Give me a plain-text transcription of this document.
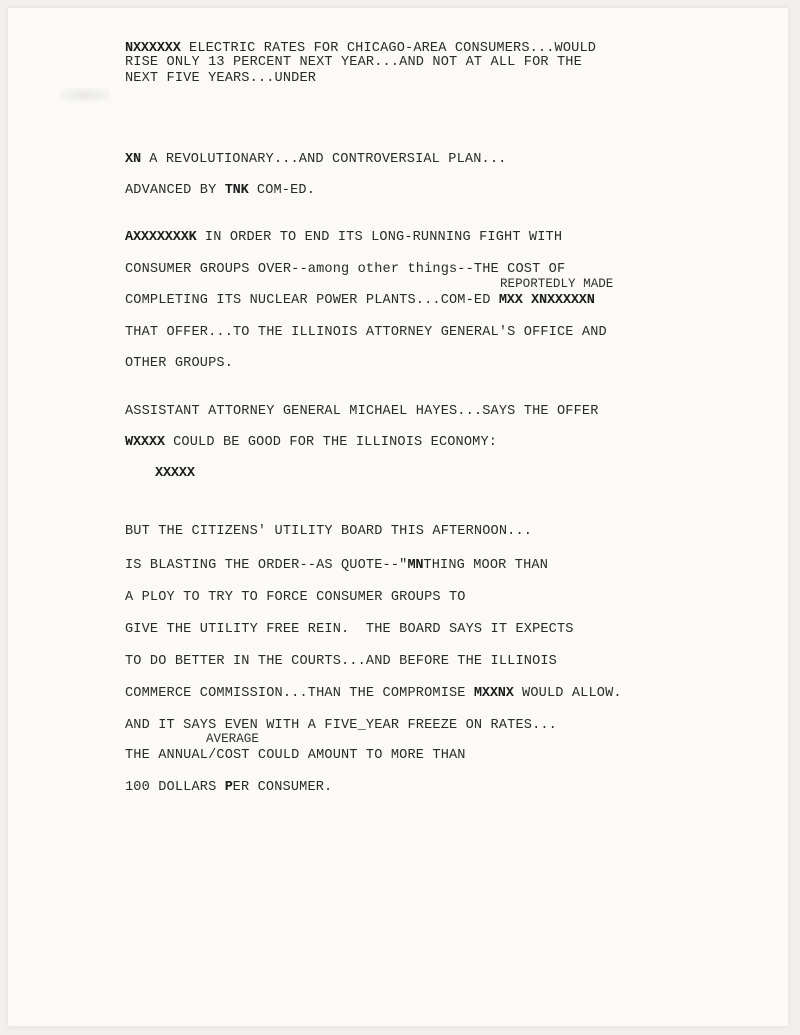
NXXXXXX ELECTRIC RATES FOR CHICAGO-AREA CONSUMERS...WOULD
RISE ONLY 13 PERCENT NEXT YEAR...AND NOT AT ALL FOR THE
NEXT FIVE YEARS...UNDER
XN A REVOLUTIONARY...AND CONTROVERSIAL PLAN...
ADVANCED BY TNK COM-ED.
AXXXXXXXK IN ORDER TO END ITS LONG-RUNNING FIGHT WITH
CONSUMER GROUPS OVER--among other things--THE COST OF
REPORTEDLY MADE
COMPLETING ITS NUCLEAR POWER PLANTS...COM-ED MXX XNXXXXXN
THAT OFFER...TO THE ILLINOIS ATTORNEY GENERAL'S OFFICE AND
OTHER GROUPS.
ASSISTANT ATTORNEY GENERAL MICHAEL HAYES...SAYS THE OFFER
WXXXX COULD BE GOOD FOR THE ILLINOIS ECONOMY:
XXXXX
BUT THE CITIZENS' UTILITY BOARD THIS AFTERNOON...
IS BLASTING THE ORDER--AS QUOTE--"MNTHING MOOR THAN
A PLOY TO TRY TO FORCE CONSUMER GROUPS TO
GIVE THE UTILITY FREE REIN.  THE BOARD SAYS IT EXPECTS
TO DO BETTER IN THE COURTS...AND BEFORE THE ILLINOIS
COMMERCE COMMISSION...THAN THE COMPROMISE MXXNX WOULD ALLOW.
AND IT SAYS EVEN WITH A FIVE_YEAR FREEZE ON RATES...
AVERAGE
THE ANNUAL/COST COULD AMOUNT TO MORE THAN
100 DOLLARS PER CONSUMER.
